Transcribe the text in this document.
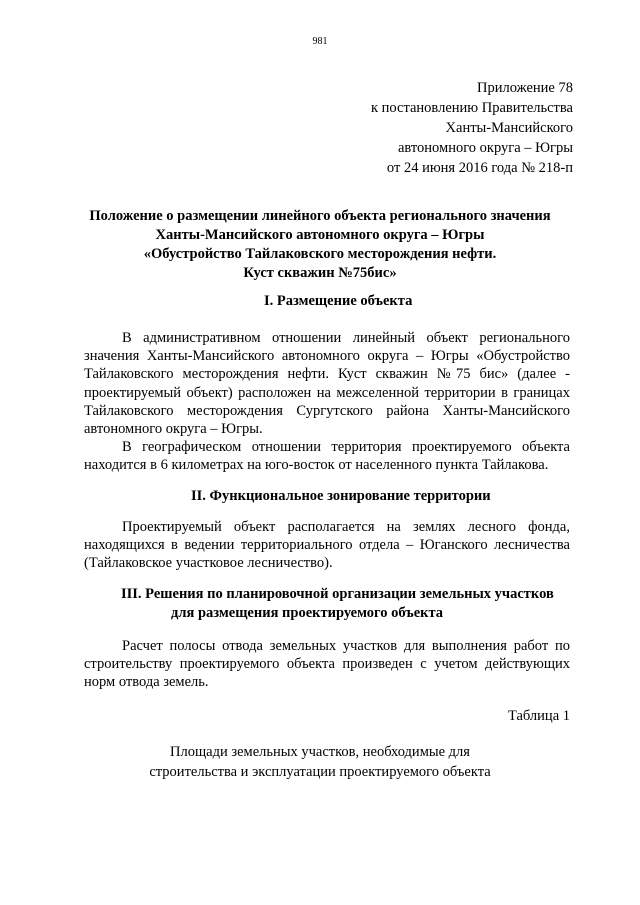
981
Приложение 78
к постановлению Правительства
Ханты-Мансийского
автономного округа – Югры
от 24 июня 2016 года № 218-п
Положение о размещении линейного объекта регионального значения
Ханты-Мансийского автономного округа – Югры
«Обустройство Тайлаковского месторождения нефти.
Куст скважин №75бис»
I. Размещение объекта

В административном отношении линейный объект регионального значения Ханты-Мансийского автономного округа – Югры «Обустройство Тайлаковского месторождения нефти. Куст скважин №75 бис» (далее - проектируемый объект) расположен на межселенной территории в границах Тайлаковского месторождения Сургутского района Ханты-Мансийского автономного округа – Югры.

В географическом отношении территория проектируемого объекта находится в 6 километрах на юго-восток от населенного пункта Тайлакова.

II. Функциональное зонирование территории

Проектируемый объект располагается на землях лесного фонда, находящихся в ведении территориального отдела – Юганского лесничества (Тайлаковское участковое лесничество).

III. Решения по планировочной организации земельных участков
для размещения проектируемого объекта

Расчет полосы отвода земельных участков для выполнения работ по строительству проектируемого объекта произведен с учетом действующих норм отвода земель.

Таблица 1
Площади земельных участков, необходимые для
строительства и эксплуатации проектируемого объекта
